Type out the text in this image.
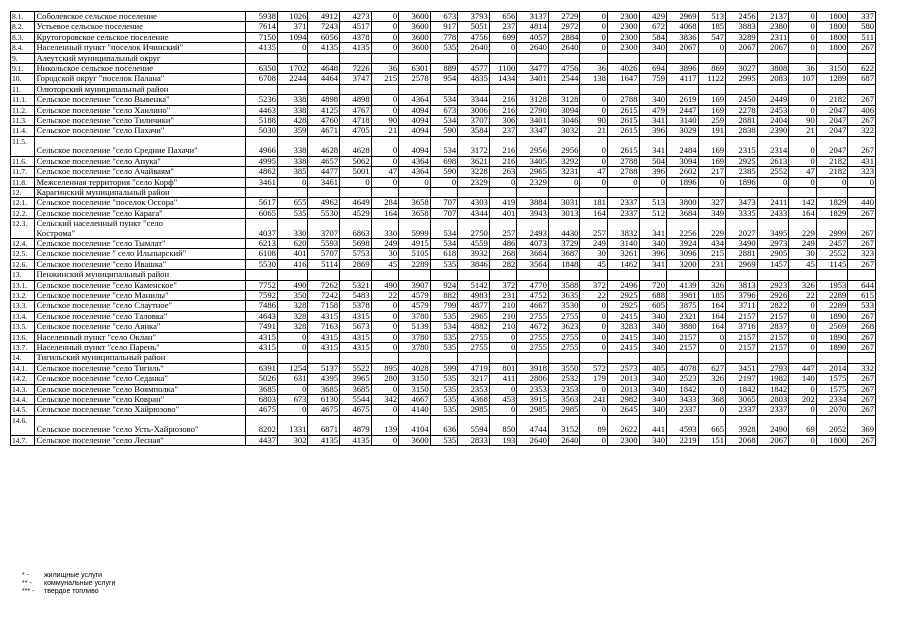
8.1.	Соболевское сельское поселение	5938	1026	4912	4273	0	3600	673	3793	656	3137	2729	0	2300	429	2969	513	2456	2137	0	1800	337
8.2.	Устьевое сельское поселение	7614	371	7243	4517	0	3600	917	5051	237	4814	2972	0	2300	672	4068	185	3883	2380	0	1800	580
8.3.	Крутогоровское сельское поселение	7150	1094	6056	4378	0	3600	778	4756	699	4057	2884	0	2300	584	3836	547	3289	2311	0	1800	511
8.4.	Населенный пункт "поселок Ичинский"	4135	0	4135	4135	0	3600	535	2640	0	2640	2640	0	2300	340	2067	0	2067	2067	0	1800	267
9.	Алеутский муниципальный округ																					

9.1.	Никольское сельское поселение	6350	1702	4648	7226	36	6301	889	4577	1100	3477	4756	36	4026	694	3896	869	3027	3808	36	3150	622
10.	Городской округ "поселок Палана"	6708	2244	4464	3747	215	2578	954	4835	1434	3401	2544	138	1647	759	4117	1122	2995	2083	107	1289	687
11.	Олюторский муниципальный район																					

11.1.	Сельское поселение "село Вывенка"	5236	338	4898	4898	0	4364	534	3344	216	3128	3128	0	2788	340	2619	169	2450	2449	0	2182	267
11.2.	Сельское поселение "село Хаилино"	4463	338	4125	4767	0	4094	673	3006	216	2790	3094	0	2615	479	2447	169	2278	2453	0	2047	406
11.3.	Сельское поселение "село Тиличики"	5188	428	4760	4718	90	4094	534	3707	306	3401	3046	90	2615	341	3140	259	2881	2404	90	2047	267
11.4.	Сельское поселение "село Пахачи"	5030	359	4671	4705	21	4094	590	3584	237	3347	3032	21	2615	396	3029	191	2838	2390	21	2047	322
11.5.	Сельское поселение "село Средние Пахачи"	4966	338	4628	4628	0	4094	534	3172	216	2956	2956	0	2615	341	2484	169	2315	2314	0	2047	267
11.6.	Сельское поселение "село Апука"	4995	338	4657	5062	0	4364	698	3621	216	3405	3292	0	2788	504	3094	169	2925	2613	0	2182	431
11.7.	Сельское поселение "село Ачайваям"	4862	385	4477	5001	47	4364	590	3228	263	2965	3231	47	2788	396	2602	217	2385	2552	47	2182	323
11.8.	Межселенная территория "село Корф"	3461	0	3461	0	0	0	0	2329	0	2329	0	0	0	0	1896	0	1896	0	0	0	0
12.	Карагинский муниципальный район																					

12.1.	Сельское поселение "поселок Оссора"	5617	655	4962	4649	284	3658	707	4303	419	3884	3031	181	2337	513	3800	327	3473	2411	142	1829	440
12.2.	Сельское поселение "село Карага"	6065	535	5530	4529	164	3658	707	4344	401	3943	3013	164	2337	512	3684	349	3335	2433	164	1829	267
12.3.	Сельский населенный пункт "село
Кострома"	4037	330	3707	6863	330	5999	534	2750	257	2493	4430	257	3832	341	2256	229	2027	3495	229	2999	267
12.4.	Сельское поселение "село Тымлат"	6213	620	5593	5698	249	4915	534	4559	486	4073	3729	249	3140	340	3924	434	3490	2973	249	2457	267
12.5.	Сельское поселение " село Ильпырский"	6108	401	5707	5753	30	5105	618	3932	268	3664	3687	30	3261	396	3096	215	2881	2905	30	2552	323
12.6.	Сельское поселение "село Ивашка"	5530	416	5114	2869	45	2289	535	3846	282	3564	1848	45	1462	341	3200	231	2969	1457	45	1145	267
13.	Пенжинский муниципальный район																					

13.1.	Сельское поселение "село Каменское"	7752	490	7262	5321	490	3907	924	5142	372	4770	3588	372	2496	720	4139	326	3813	2923	326	1953	644
13.2.	Сельское поселение "село Манилы"	7592	350	7242	5483	22	4579	882	4983	231	4752	3635	22	2925	688	3981	185	3796	2926	22	2289	615
13.3.	Сельское поселение "село Слаутное"	7486	328	7158	5378	0	4579	799	4877	210	4667	3530	0	2925	605	3875	164	3711	2822	0	2289	533
13.4.	Сельское поселение "село Таловка"	4643	328	4315	4315	0	3780	535	2965	210	2755	2755	0	2415	340	2321	164	2157	2157	0	1890	267
13.5.	Сельское поселение "село Аянка"	7491	328	7163	5673	0	5139	534	4882	210	4672	3623	0	3283	340	3880	164	3716	2837	0	2569	268
13.6.	Населенный пункт "село Оклан"	4315	0	4315	4315	0	3780	535	2755	0	2755	2755	0	2415	340	2157	0	2157	2157	0	1890	267
13.7.	Населенный пункт "село Парень"	4315	0	4315	4315	0	3780	535	2755	0	2755	2755	0	2415	340	2157	0	2157	2157	0	1890	267
14.	Тигильский муниципальный район																					

14.1.	Сельское поселение "село Тигиль"	6391	1254	5137	5522	895	4028	599	4719	801	3918	3550	572	2573	405	4078	627	3451	2793	447	2014	332
14.2.	Сельское поселение "село Седанка"	5026	631	4395	3965	280	3150	535	3217	411	2806	2532	179	2013	340	2523	326	2197	1982	140	1575	267
14.3.	Сельское поселение "село Воямполка"	3685	0	3685	3685	0	3150	535	2353	0	2353	2353	0	2013	340	1842	0	1842	1842	0	1575	267
14.4.	Сельское поселение "село Ковран"	6803	673	6130	5544	342	4667	535	4368	453	3915	3563	241	2982	340	3433	368	3065	2803	202	2334	267
14.5.	Сельское поселение "село Хайрюзово"	4675	0	4675	4675	0	4140	535	2985	0	2985	2985	0	2645	340	2337	0	2337	2337	0	2070	267
14.6.	Сельское поселение "село Усть-Хайрюзово"	8202	1331	6871	4879	139	4104	636	5594	850	4744	3152	89	2622	441	4593	665	3928	2490	69	2052	369
14.7.	Сельское поселение "село Лесная"	4437	302	4135	4135	0	3600	535	2833	193	2640	2640	0	2300	340	2219	151	2068	2067	0	1800	267
* -	жилищные услуги
** -	коммунальные услуги
*** -	твердое топливо
